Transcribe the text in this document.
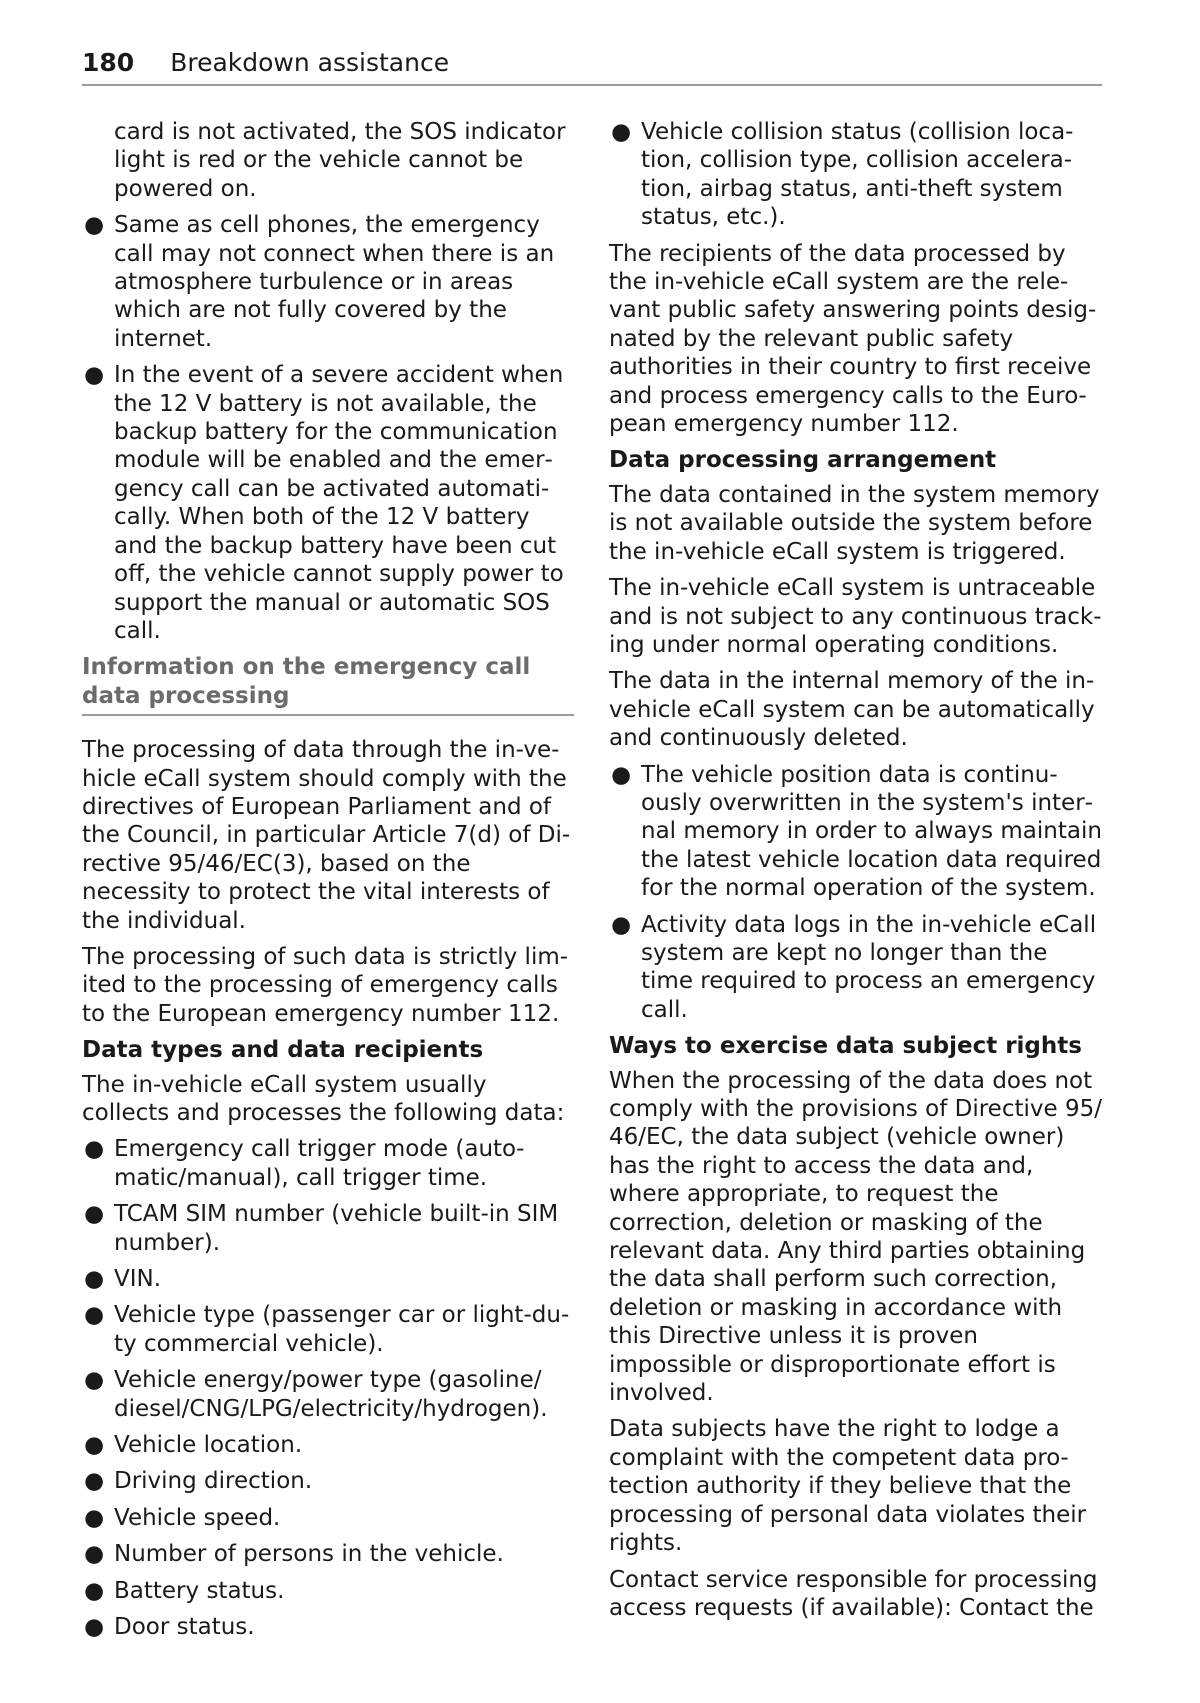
180 Breakdown assistance

card is not activated, the SOS indicator light is red or the vehicle cannot be powered on.

● Same as cell phones, the emergency call may not connect when there is an atmosphere turbulence or in areas which are not fully covered by the internet.
● In the event of a severe accident when the 12 V battery is not available, the backup battery for the communication module will be enabled and the emergency call can be activated automatically. When both of the 12 V battery and the backup battery have been cut off, the vehicle cannot supply power to support the manual or automatic SOS call.
Information on the emergency call data processing

The processing of data through the in-vehicle eCall system should comply with the directives of European Parliament and of the Council, in particular Article 7(d) of Directive 95/46/EC(3), based on the necessity to protect the vital interests of the individual.

The processing of such data is strictly limited to the processing of emergency calls to the European emergency number 112.

Data types and data recipients

The in-vehicle eCall system usually collects and processes the following data:

● Emergency call trigger mode (automatic/manual), call trigger time.
● TCAM SIM number (vehicle built-in SIM number).
● VIN.
● Vehicle type (passenger car or light-duty commercial vehicle).
● Vehicle energy/power type (gasoline/ diesel/CNG/LPG/electricity/hydrogen).
● Vehicle location.
● Driving direction.
● Vehicle speed.
● Number of persons in the vehicle.
● Battery status.
● Door status.
● Vehicle collision status (collision location, collision type, collision acceleration, airbag status, anti-theft system status, etc.).

The recipients of the data processed by the in-vehicle eCall system are the relevant public safety answering points designated by the relevant public safety authorities in their country to first receive and process emergency calls to the European emergency number 112.

Data processing arrangement

The data contained in the system memory is not available outside the system before the in-vehicle eCall system is triggered.

The in-vehicle eCall system is untraceable and is not subject to any continuous tracking under normal operating conditions.

The data in the internal memory of the invehicle eCall system can be automatically and continuously deleted.

● The vehicle position data is continuously overwritten in the system's internal memory in order to always maintain the latest vehicle location data required for the normal operation of the system.
● Activity data logs in the in-vehicle eCall system are kept no longer than the time required to process an emergency call.
Ways to exercise data subject rights

When the processing of the data does not comply with the provisions of Directive 95/ 46/EC, the data subject (vehicle owner) has the right to access the data and, where appropriate, to request the correction, deletion or masking of the relevant data. Any third parties obtaining the data shall perform such correction, deletion or masking in accordance with this Directive unless it is proven impossible or disproportionate effort is involved.

Data subjects have the right to lodge a complaint with the competent data protection authority if they believe that the processing of personal data violates their rights.

Contact service responsible for processing access requests (if available): Contact the
